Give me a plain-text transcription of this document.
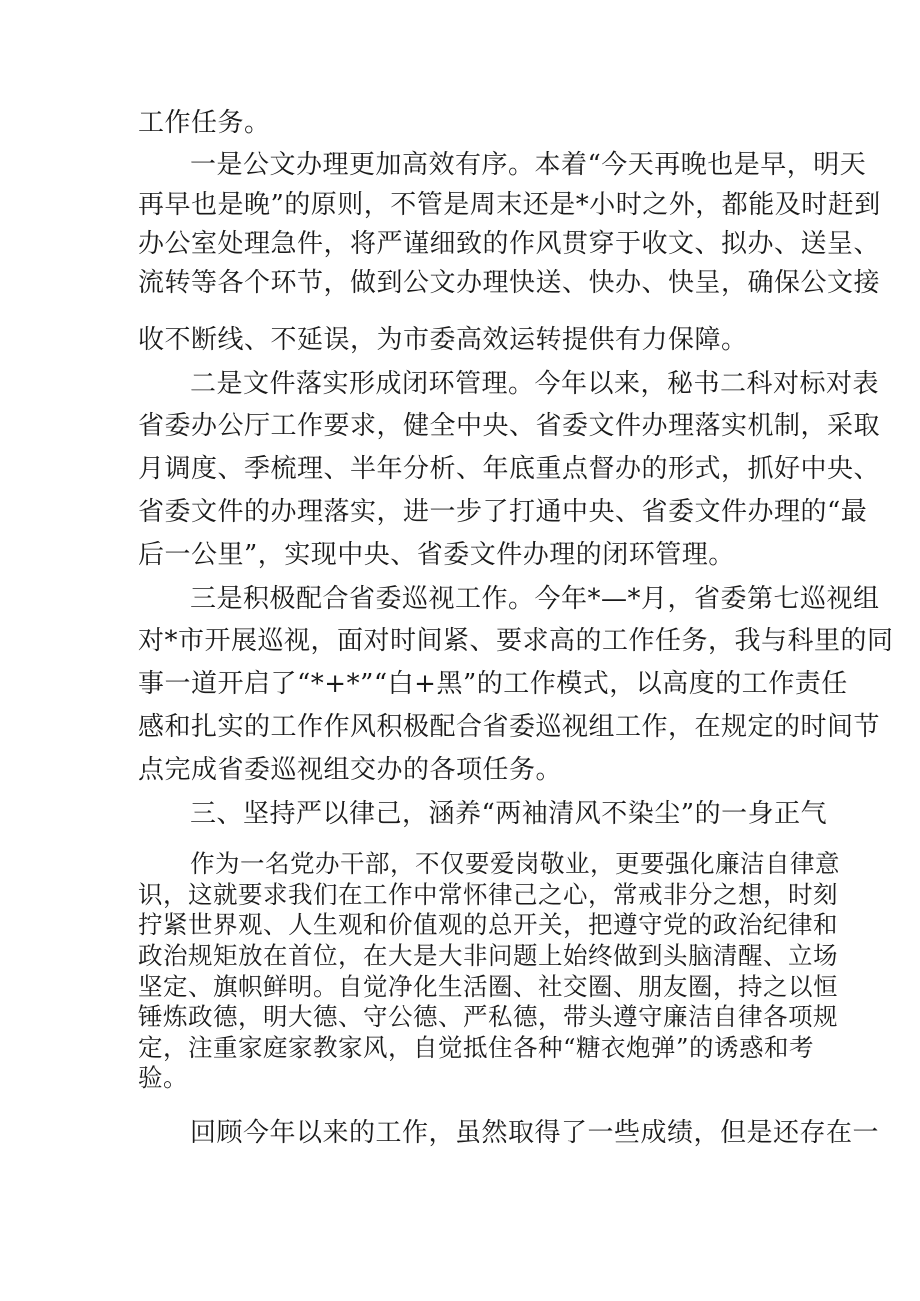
工作任务。
一是公文办理更加高效有序。本着“今天再晚也是早，明天
再早也是晚”的原则，不管是周末还是*小时之外，都能及时赶到
办公室处理急件，将严谨细致的作风贯穿于收文、拟办、送呈、
流转等各个环节，做到公文办理快送、快办、快呈，确保公文接
收不断线、不延误，为市委高效运转提供有力保障。
二是文件落实形成闭环管理。今年以来，秘书二科对标对表
省委办公厅工作要求，健全中央、省委文件办理落实机制，采取
月调度、季梳理、半年分析、年底重点督办的形式，抓好中央、
省委文件的办理落实，进一步了打通中央、省委文件办理的“最
后一公里”，实现中央、省委文件办理的闭环管理。
三是积极配合省委巡视工作。今年*—*月，省委第七巡视组
对*市开展巡视，面对时间紧、要求高的工作任务，我与科里的同
事一道开启了“*+*”“白+黑”的工作模式，以高度的工作责任
感和扎实的工作作风积极配合省委巡视组工作，在规定的时间节
点完成省委巡视组交办的各项任务。
三、坚持严以律己，涵养“两袖清风不染尘”的一身正气
作为一名党办干部，不仅要爱岗敬业，更要强化廉洁自律意
识，这就要求我们在工作中常怀律己之心，常戒非分之想，时刻
拧紧世界观、人生观和价值观的总开关，把遵守党的政治纪律和
政治规矩放在首位，在大是大非问题上始终做到头脑清醒、立场
坚定、旗帜鲜明。自觉净化生活圈、社交圈、朋友圈，持之以恒
锤炼政德，明大德、守公德、严私德，带头遵守廉洁自律各项规
定，注重家庭家教家风，自觉抵住各种“糖衣炮弹”的诱惑和考
验。
回顾今年以来的工作，虽然取得了一些成绩，但是还存在一
